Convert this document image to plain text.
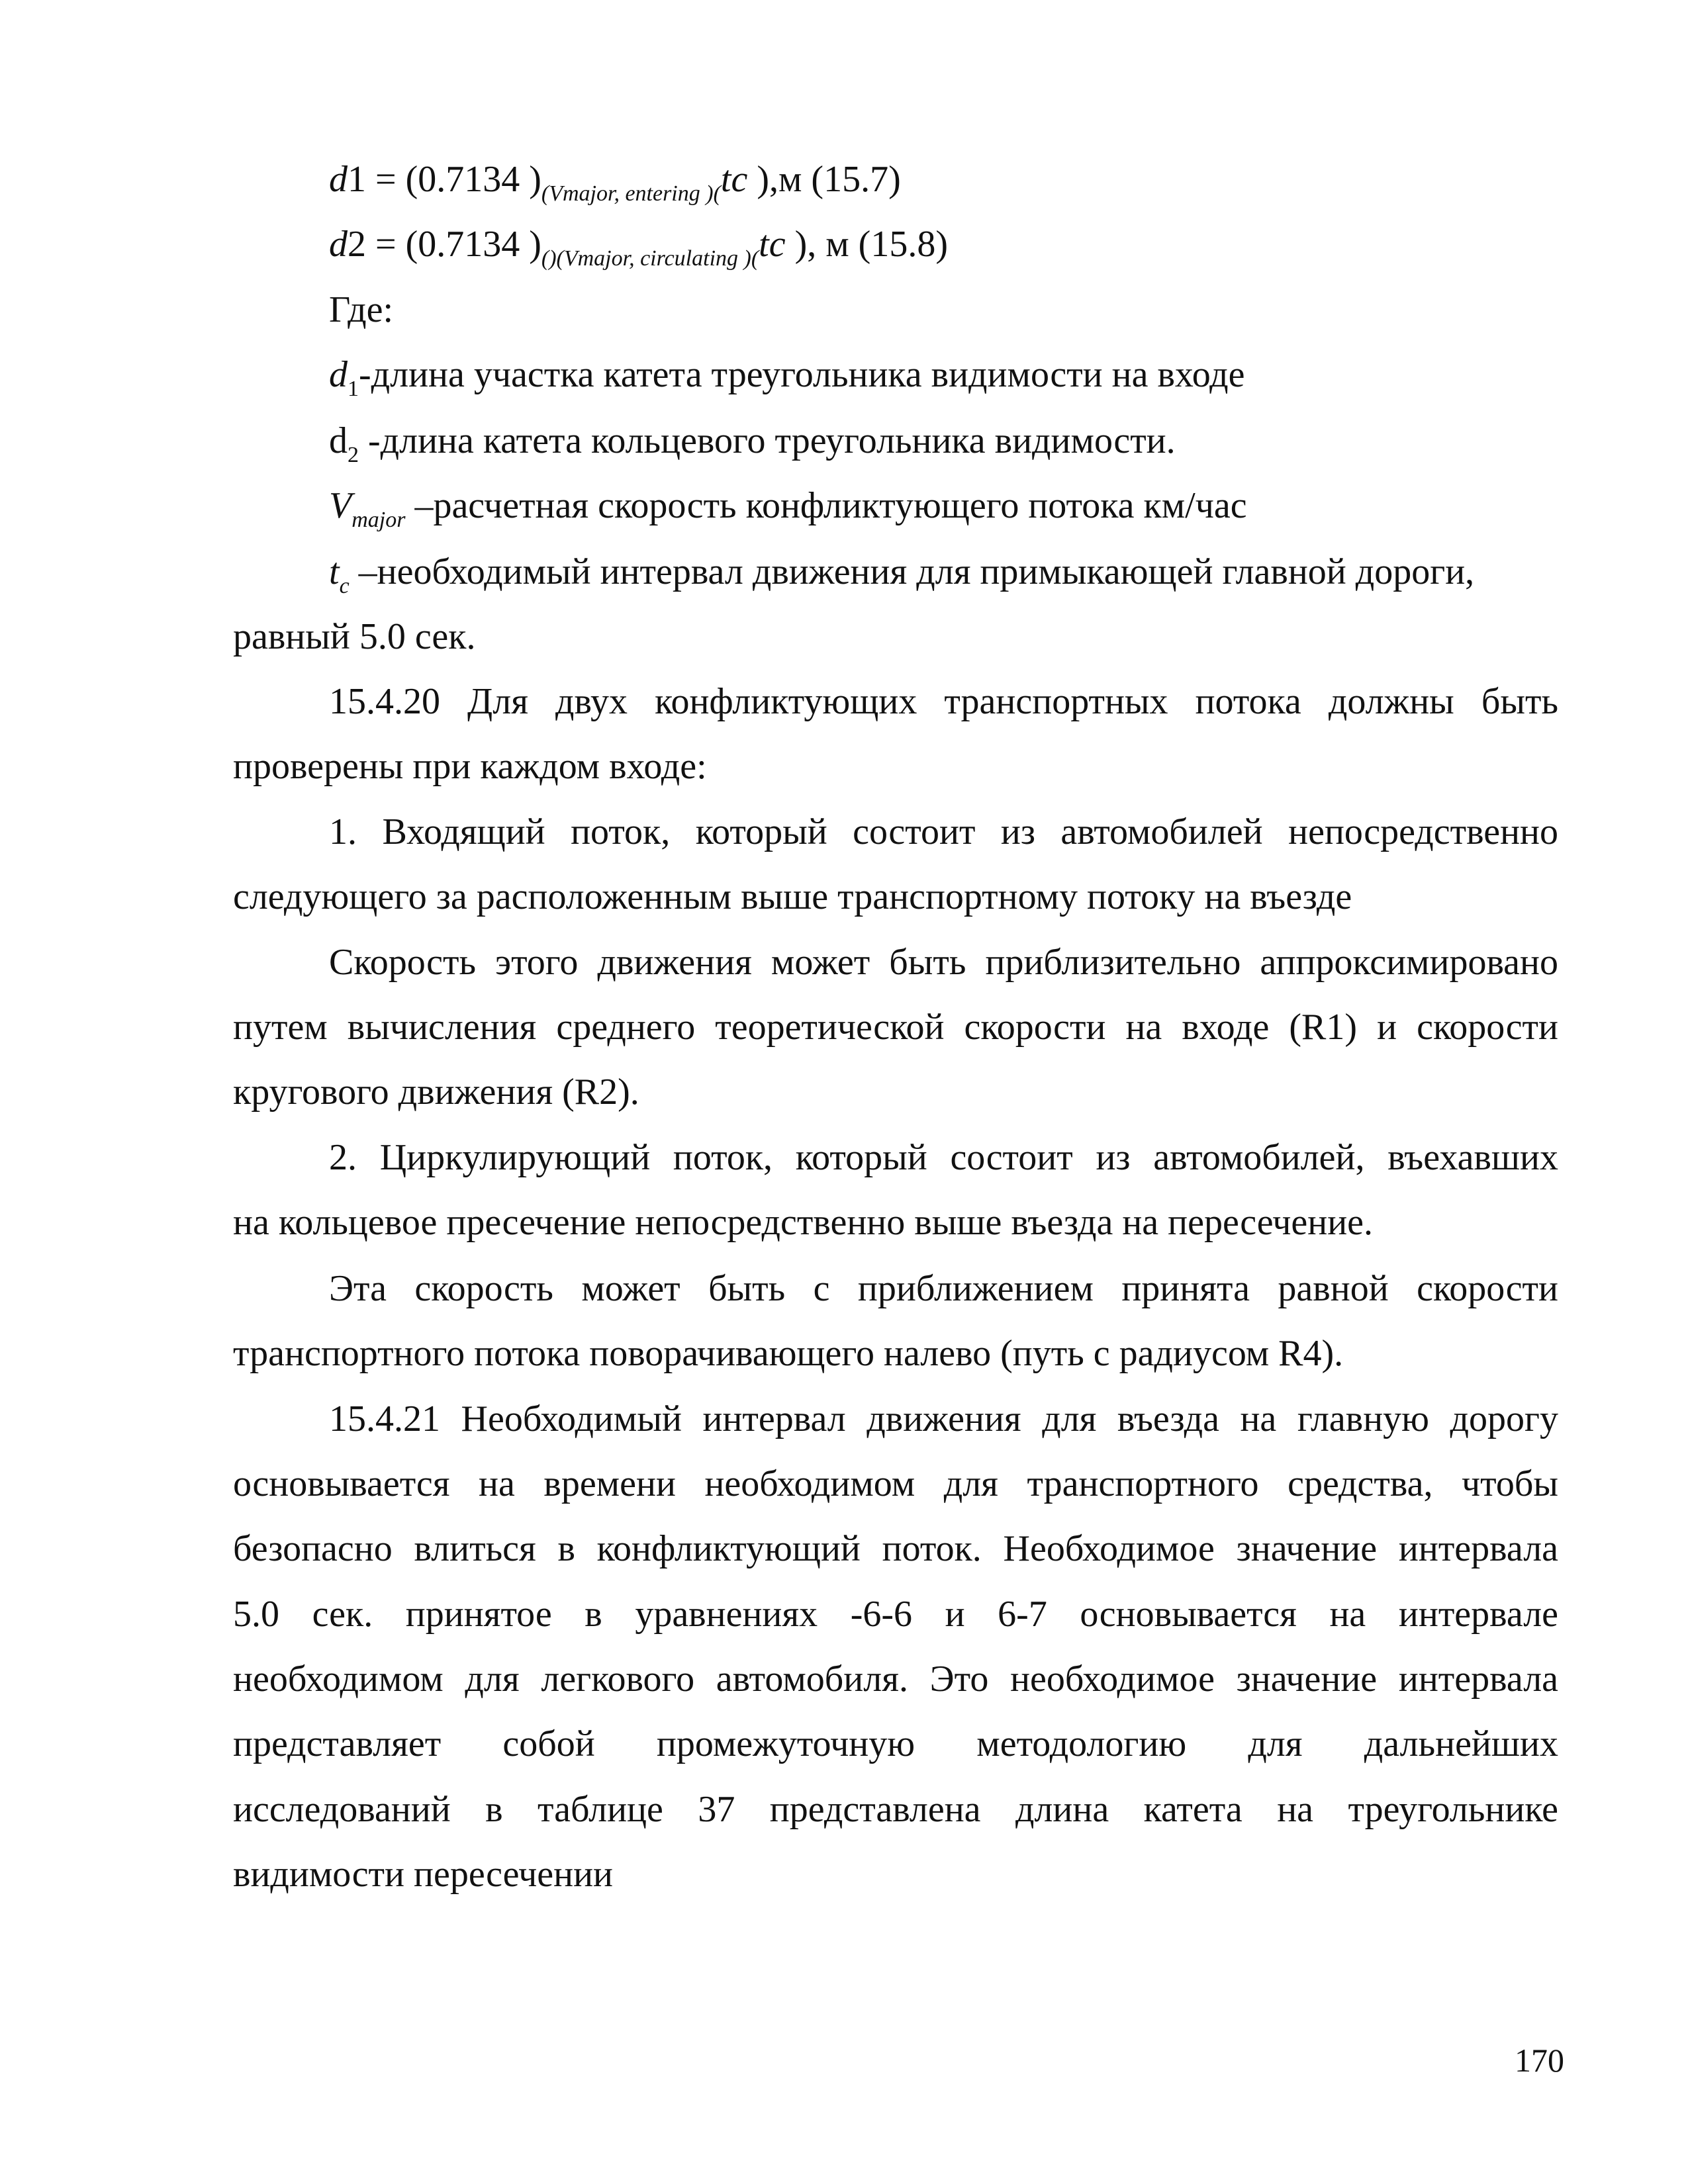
d1 = (0.7134 )$_{(Vmajor, entering )(}tc$ ),м (15.7)
d2 = (0.7134 )$_{()(Vmajor, circulating )(}tc$ ), м (15.8)
Где:
$d_1$-длина участка катета треугольника видимости на входе
$d_2$ -длина катета кольцевого треугольника видимости.
$V_{major}$ –расчетная скорость конфликтующего потока км/час
$t_c$ –необходимый интервал движения для примыкающей главной дороги,
равный 5.0 сек.
15.4.20 Для двух конфликтующих транспортных потока должны быть
проверены при каждом входе:
1. Входящий поток, который состоит из автомобилей непосредственно
следующего за расположенным выше транспортному потоку на въезде
Скорость этого движения может быть приблизительно аппроксимировано
путем вычисления среднего теоретической скорости на входе (R1) и скорости
кругового движения (R2).
2. Циркулирующий поток, который состоит из автомобилей, въехавших
на кольцевое пресечение непосредственно выше въезда на пересечение.
Эта скорость может быть с приближением принята равной скорости
транспортного потока поворачивающего налево (путь с радиусом R4).
15.4.21 Необходимый интервал движения для въезда на главную дорогу
основывается на времени необходимом для транспортного средства, чтобы
безопасно влиться в конфликтующий поток. Необходимое значение интервала
5.0 сек. принятое в уравнениях -6-6 и 6-7 основывается на интервале
необходимом для легкового автомобиля. Это необходимое значение интервала
представляет собой промежуточную методологию для дальнейших
исследований в таблице 37 представлена длина катета на треугольнике
видимости пересечении
170
